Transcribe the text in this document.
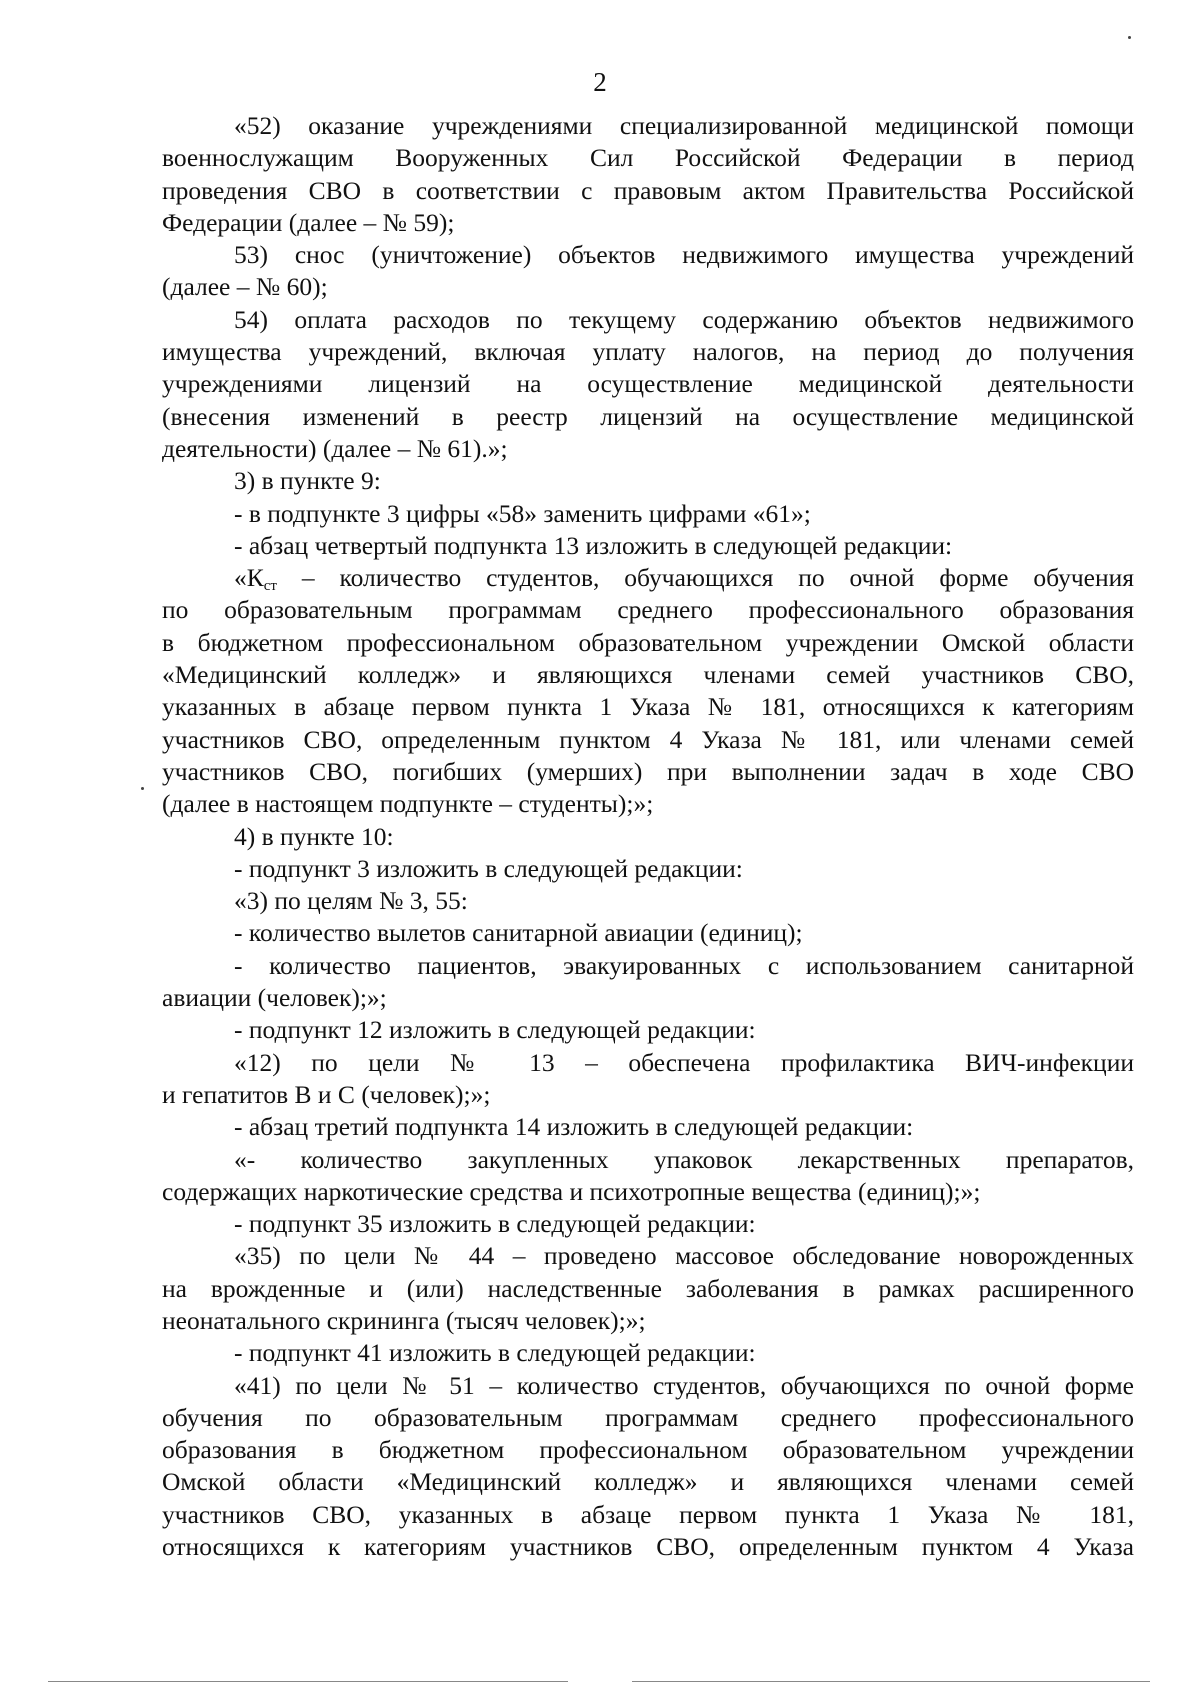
2
«52) оказание учреждениями специализированной медицинской помощи
военнослужащим Вооруженных Сил Российской Федерации в период
проведения СВО в соответствии с правовым актом Правительства Российской
Федерации (далее – № 59);
53) снос (уничтожение) объектов недвижимого имущества учреждений
(далее – № 60);
54) оплата расходов по текущему содержанию объектов недвижимого
имущества учреждений, включая уплату налогов, на период до получения
учреждениями лицензий на осуществление медицинской деятельности
(внесения изменений в реестр лицензий на осуществление медицинской
деятельности) (далее – № 61).»;
3) в пункте 9:
- в подпункте 3 цифры «58» заменить цифрами «61»;
- абзац четвертый подпункта 13 изложить в следующей редакции:
«$К_{ст}$ – количество студентов, обучающихся по очной форме обучения
по образовательным программам среднего профессионального образования
в бюджетном профессиональном образовательном учреждении Омской области
«Медицинский колледж» и являющихся членами семей участников СВО,
указанных в абзаце первом пункта 1 Указа № 181, относящихся к категориям
участников СВО, определенным пунктом 4 Указа № 181, или членами семей
участников СВО, погибших (умерших) при выполнении задач в ходе СВО
(далее в настоящем подпункте – студенты);»;
4) в пункте 10:
- подпункт 3 изложить в следующей редакции:
«3) по целям № 3, 55:
- количество вылетов санитарной авиации (единиц);
- количество пациентов, эвакуированных с использованием санитарной
авиации (человек);»;
- подпункт 12 изложить в следующей редакции:
«12) по цели № 13 – обеспечена профилактика ВИЧ-инфекции
и гепатитов В и С (человек);»;
- абзац третий подпункта 14 изложить в следующей редакции:
«- количество закупленных упаковок лекарственных препаратов,
содержащих наркотические средства и психотропные вещества (единиц);»;
- подпункт 35 изложить в следующей редакции:
«35) по цели № 44 – проведено массовое обследование новорожденных
на врожденные и (или) наследственные заболевания в рамках расширенного
неонатального скрининга (тысяч человек);»;
- подпункт 41 изложить в следующей редакции:
«41) по цели № 51 – количество студентов, обучающихся по очной форме
обучения по образовательным программам среднего профессионального
образования в бюджетном профессиональном образовательном учреждении
Омской области «Медицинский колледж» и являющихся членами семей
участников СВО, указанных в абзаце первом пункта 1 Указа № 181,
относящихся к категориям участников СВО, определенным пунктом 4 Указа
